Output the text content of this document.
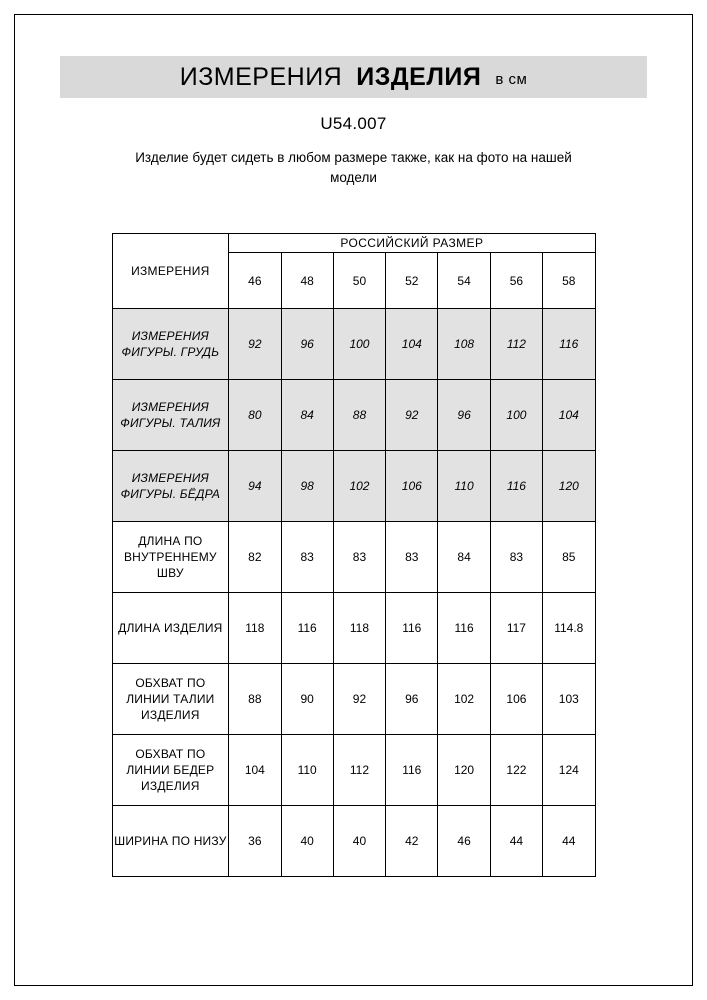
ИЗМЕРЕНИЯ ИЗДЕЛИЯ в см
U54.007
Изделие будет сидеть в любом размере также, как на фото на нашей модели
ИЗМЕРЕНИЯ	РОССИЙСКИЙ РАЗМЕР						
	46	48	50	52	54	56	58
ИЗМЕРЕНИЯ ФИГУРЫ. ГРУДЬ	92	96	100	104	108	112	116
ИЗМЕРЕНИЯ ФИГУРЫ. ТАЛИЯ	80	84	88	92	96	100	104
ИЗМЕРЕНИЯ ФИГУРЫ. БЁДРА	94	98	102	106	110	116	120
ДЛИНА ПО ВНУТРЕННЕМУ ШВУ	82	83	83	83	84	83	85
ДЛИНА ИЗДЕЛИЯ	118	116	118	116	116	117	114.8
ОБХВАТ ПО ЛИНИИ ТАЛИИ ИЗДЕЛИЯ	88	90	92	96	102	106	103
ОБХВАТ ПО ЛИНИИ БЕДЕР ИЗДЕЛИЯ	104	110	112	116	120	122	124
ШИРИНА ПО НИЗУ	36	40	40	42	46	44	44
